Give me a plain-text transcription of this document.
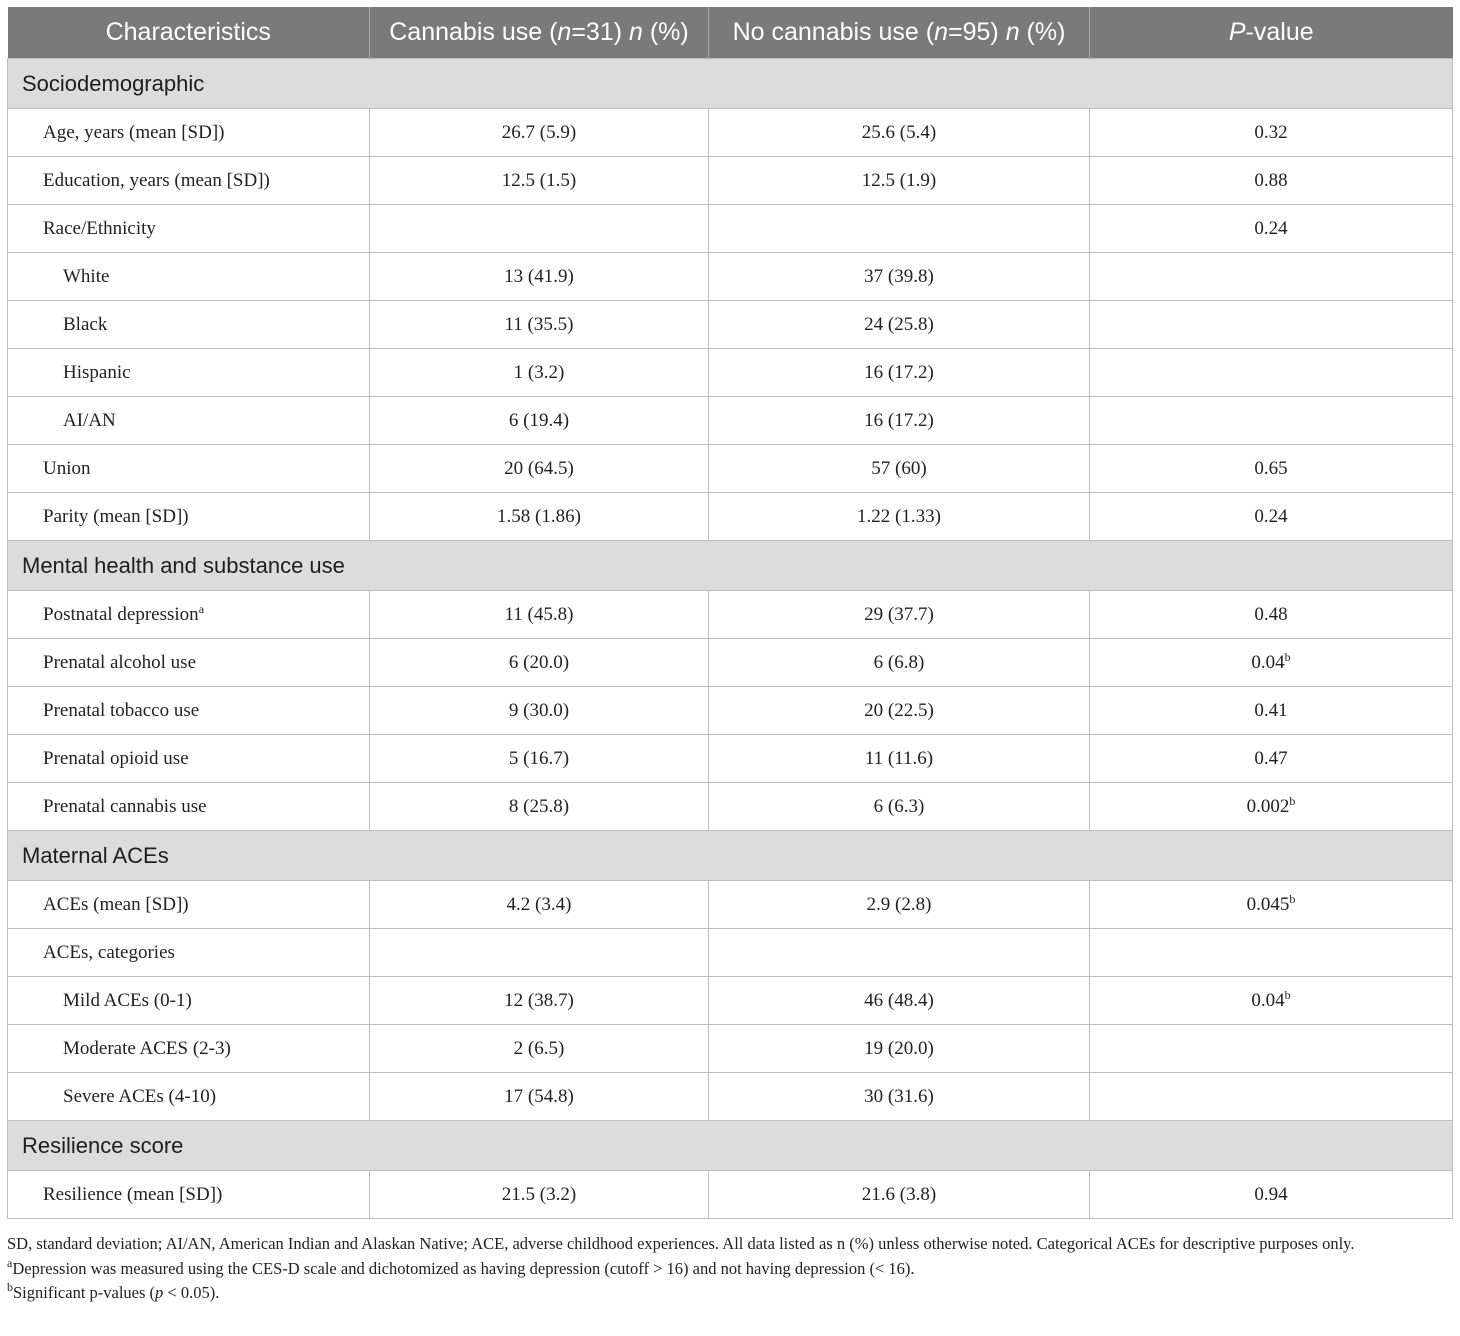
Characteristics	Cannabis use (n=31) n (%)	No cannabis use (n=95) n (%)	P-value
Sociodemographic			
Age, years (mean [SD])	26.7 (5.9)	25.6 (5.4)	0.32
Education, years (mean [SD])	12.5 (1.5)	12.5 (1.9)	0.88
Race/Ethnicity			0.24
White	13 (41.9)	37 (39.8)	
Black	11 (35.5)	24 (25.8)	
Hispanic	1 (3.2)	16 (17.2)	
AI/AN	6 (19.4)	16 (17.2)	
Union	20 (64.5)	57 (60)	0.65
Parity (mean [SD])	1.58 (1.86)	1.22 (1.33)	0.24
Mental health and substance use			
Postnatal depression$^a$	11 (45.8)	29 (37.7)	0.48
Prenatal alcohol use	6 (20.0)	6 (6.8)	0.04$^b$
Prenatal tobacco use	9 (30.0)	20 (22.5)	0.41
Prenatal opioid use	5 (16.7)	11 (11.6)	0.47
Prenatal cannabis use	8 (25.8)	6 (6.3)	0.002$^b$
Maternal ACEs			
ACEs (mean [SD])	4.2 (3.4)	2.9 (2.8)	0.045$^b$
ACEs, categories			
Mild ACEs (0-1)	12 (38.7)	46 (48.4)	0.04$^b$
Moderate ACES (2-3)	2 (6.5)	19 (20.0)	
Severe ACEs (4-10)	17 (54.8)	30 (31.6)	
Resilience score			
Resilience (mean [SD])	21.5 (3.2)	21.6 (3.8)	0.94

SD, standard deviation; AI/AN, American Indian and Alaskan Native; ACE, adverse childhood experiences. All data listed as n (%) unless otherwise noted. Categorical ACEs for descriptive purposes only.

$^a$Depression was measured using the CES-D scale and dichotomized as having depression (cutoff > 16) and not having depression (< 16).

$^b$Significant p-values (p < 0.05).
